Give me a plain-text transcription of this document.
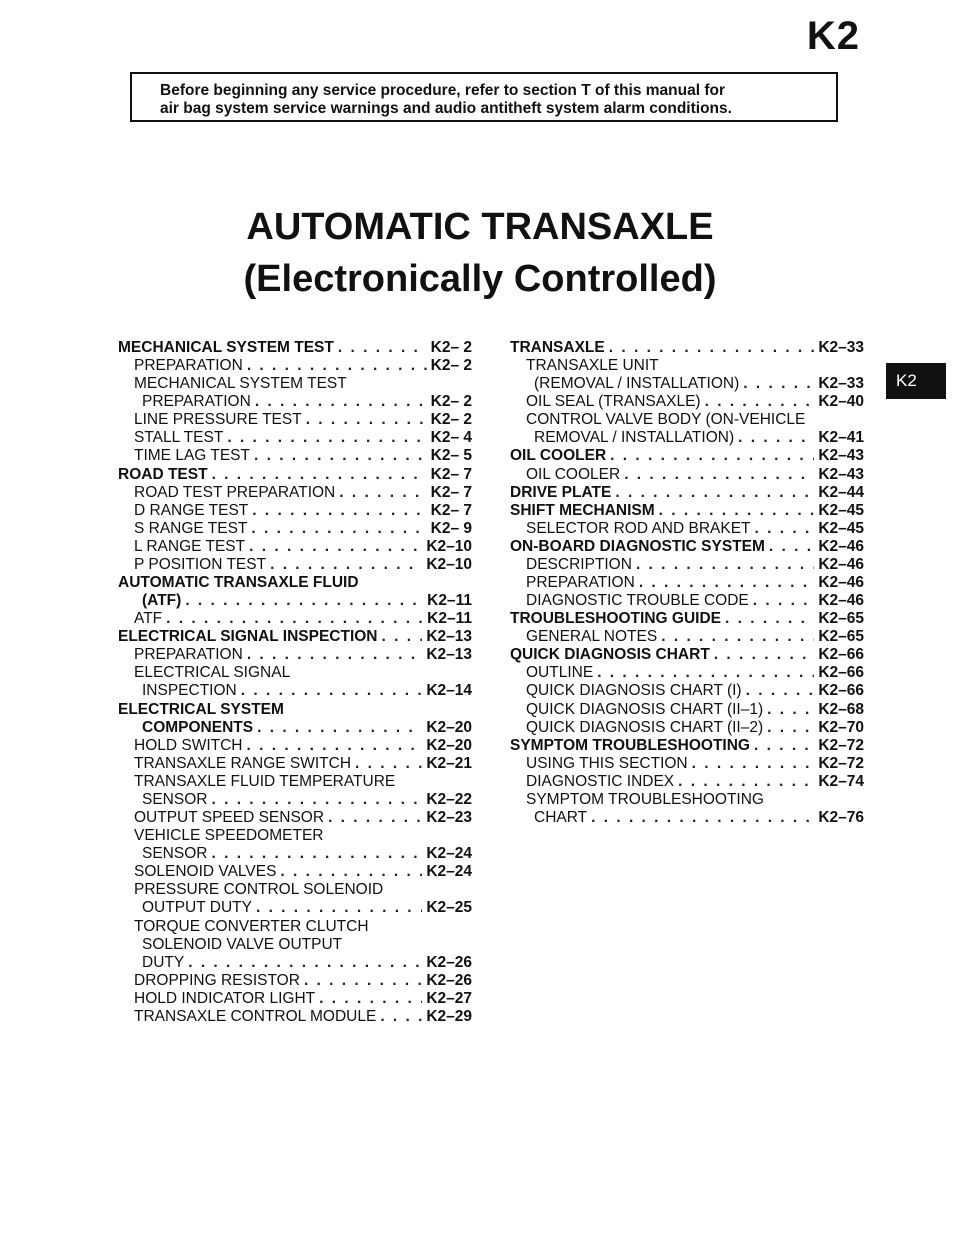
K2
Before beginning any service procedure, refer to section T of this manual for
air bag system service warnings and audio antitheft system alarm conditions.
AUTOMATIC TRANSAXLE
(Electronically Controlled)
MECHANICAL SYSTEM TEST . . .	K2– 2
PREPARATION . . .	K2– 2
MECHANICAL SYSTEM TEST
PREPARATION . . .	K2– 2
LINE PRESSURE TEST . . .	K2– 2
STALL TEST . . .	K2– 4
TIME LAG TEST . . .	K2– 5
ROAD TEST . . .	K2– 7
ROAD TEST PREPARATION . . .	K2– 7
D RANGE TEST . . .	K2– 7
S RANGE TEST . . .	K2– 9
L RANGE TEST . . .	K2–10
P POSITION TEST . . .	K2–10
AUTOMATIC TRANSAXLE FLUID
(ATF) . . .	K2–11
ATF . . .	K2–11
ELECTRICAL SIGNAL INSPECTION . . .	K2–13
PREPARATION . . .	K2–13
ELECTRICAL SIGNAL
INSPECTION . . .	K2–14
ELECTRICAL SYSTEM
COMPONENTS . . .	K2–20
HOLD SWITCH . . .	K2–20
TRANSAXLE RANGE SWITCH . . .	K2–21
TRANSAXLE FLUID TEMPERATURE
SENSOR . . .	K2–22
OUTPUT SPEED SENSOR . . .	K2–23
VEHICLE SPEEDOMETER
SENSOR . . .	K2–24
SOLENOID VALVES . . .	K2–24
PRESSURE CONTROL SOLENOID
OUTPUT DUTY . . .	K2–25
TORQUE CONVERTER CLUTCH
SOLENOID VALVE OUTPUT
DUTY . . .	K2–26
DROPPING RESISTOR . . .	K2–26
HOLD INDICATOR LIGHT . . .	K2–27
TRANSAXLE CONTROL MODULE . . .	K2–29
TRANSAXLE . . .	K2–33
TRANSAXLE UNIT
(REMOVAL / INSTALLATION) . . .	K2–33
OIL SEAL (TRANSAXLE) . . .	K2–40
CONTROL VALVE BODY (ON-VEHICLE
REMOVAL / INSTALLATION) . . .	K2–41
OIL COOLER . . .	K2–43
OIL COOLER . . .	K2–43
DRIVE PLATE . . .	K2–44
SHIFT MECHANISM . . .	K2–45
SELECTOR ROD AND BRAKET . . .	K2–45
ON-BOARD DIAGNOSTIC SYSTEM . . .	K2–46
DESCRIPTION . . .	K2–46
PREPARATION . . .	K2–46
DIAGNOSTIC TROUBLE CODE . . .	K2–46
TROUBLESHOOTING GUIDE . . .	K2–65
GENERAL NOTES . . .	K2–65
QUICK DIAGNOSIS CHART . . .	K2–66
OUTLINE . . .	K2–66
QUICK DIAGNOSIS CHART (I) . . .	K2–66
QUICK DIAGNOSIS CHART (II–1) . . .	K2–68
QUICK DIAGNOSIS CHART (II–2) . . .	K2–70
SYMPTOM TROUBLESHOOTING . . .	K2–72
USING THIS SECTION . . .	K2–72
DIAGNOSTIC INDEX . . .	K2–74
SYMPTOM TROUBLESHOOTING
CHART . . .	K2–76
K2
